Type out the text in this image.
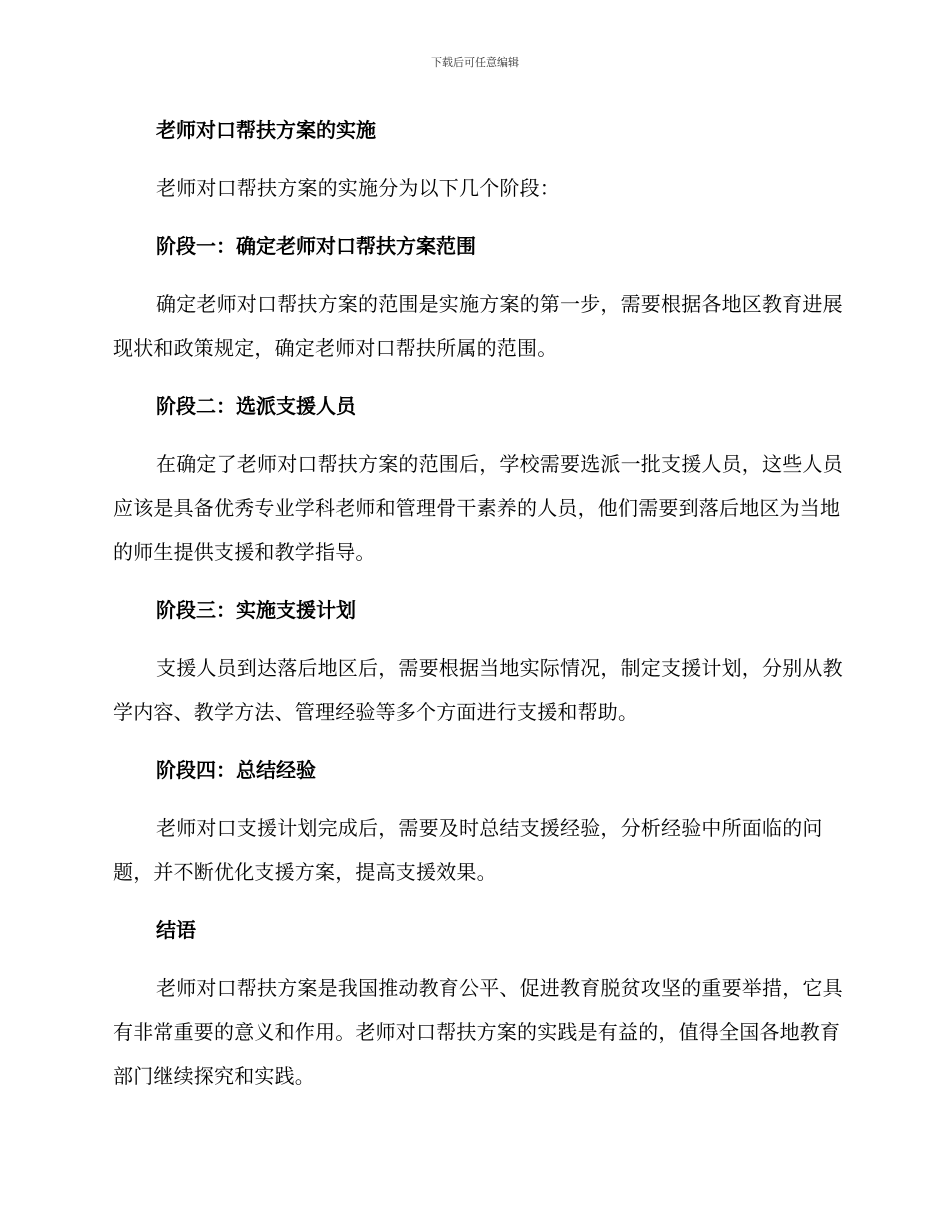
下载后可任意编辑
老师对口帮扶方案的实施

老师对口帮扶方案的实施分为以下几个阶段：

阶段一：确定老师对口帮扶方案范围

确定老师对口帮扶方案的范围是实施方案的第一步，需要根据各地区教育进展现状和政策规定，确定老师对口帮扶所属的范围。

阶段二：选派支援人员

在确定了老师对口帮扶方案的范围后，学校需要选派一批支援人员，这些人员应该是具备优秀专业学科老师和管理骨干素养的人员，他们需要到落后地区为当地的师生提供支援和教学指导。

阶段三：实施支援计划

支援人员到达落后地区后，需要根据当地实际情况，制定支援计划，分别从教学内容、教学方法、管理经验等多个方面进行支援和帮助。

阶段四：总结经验

老师对口支援计划完成后，需要及时总结支援经验，分析经验中所面临的问题，并不断优化支援方案，提高支援效果。

结语

老师对口帮扶方案是我国推动教育公平、促进教育脱贫攻坚的重要举措，它具有非常重要的意义和作用。老师对口帮扶方案的实践是有益的，值得全国各地教育部门继续探究和实践。
